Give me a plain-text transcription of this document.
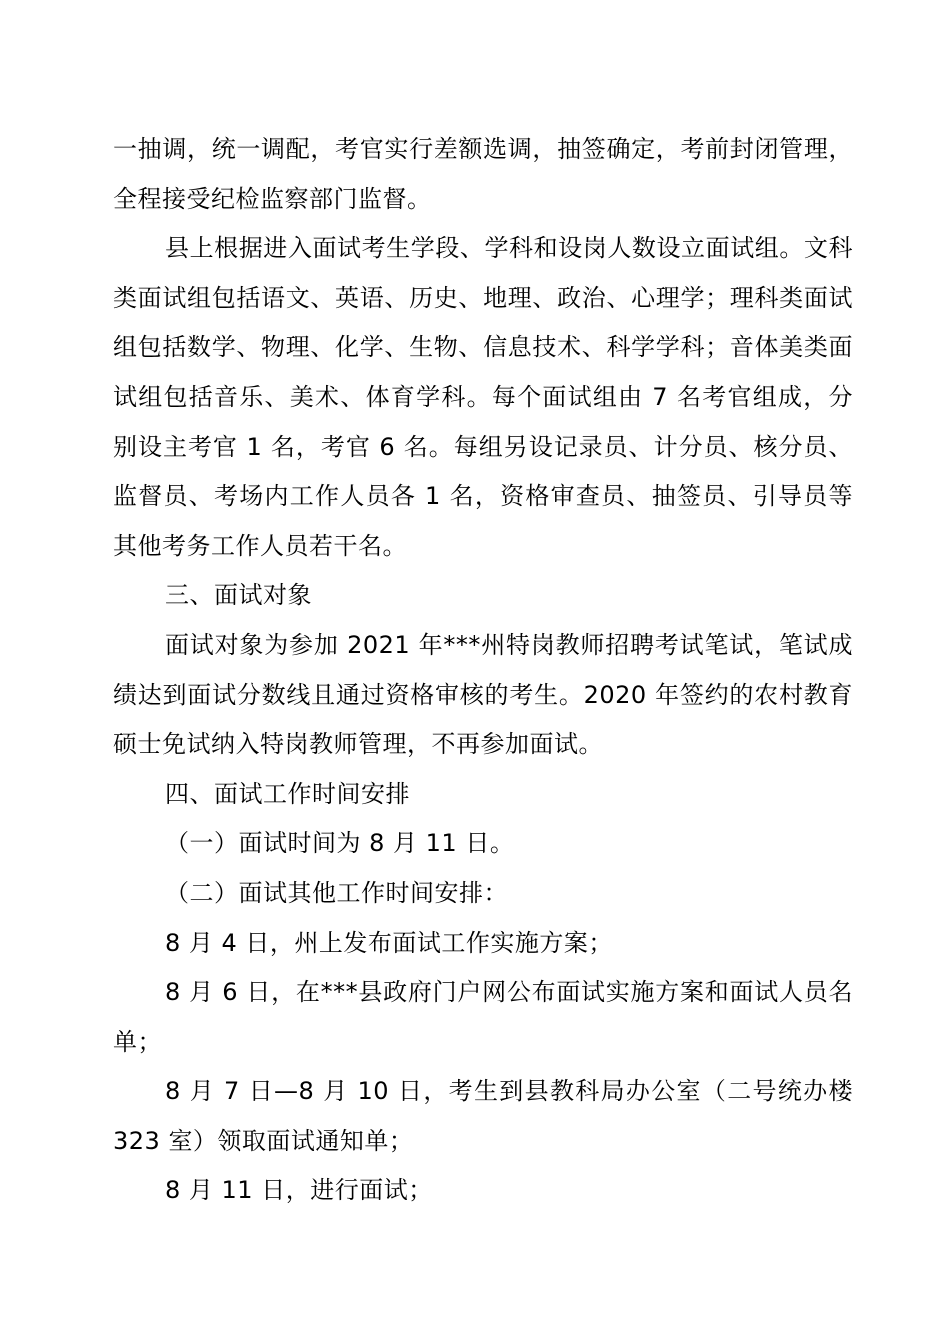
一抽调，统一调配，考官实行差额选调，抽签确定，考前封闭管理，全程接受纪检监察部门监督。

县上根据进入面试考生学段、学科和设岗人数设立面试组。文科类面试组包括语文、英语、历史、地理、政治、心理学；理科类面试组包括数学、物理、化学、生物、信息技术、科学学科；音体美类面试组包括音乐、美术、体育学科。每个面试组由 7 名考官组成，分别设主考官 1 名，考官 6 名。每组另设记录员、计分员、核分员、监督员、考场内工作人员各 1 名，资格审查员、抽签员、引导员等其他考务工作人员若干名。

三、面试对象

面试对象为参加 2021 年***州特岗教师招聘考试笔试，笔试成绩达到面试分数线且通过资格审核的考生。2020 年签约的农村教育硕士免试纳入特岗教师管理，不再参加面试。

四、面试工作时间安排

（一）面试时间为 8 月 11 日。

（二）面试其他工作时间安排：

8 月 4 日，州上发布面试工作实施方案；

8 月 6 日，在***县政府门户网公布面试实施方案和面试人员名单；

8 月 7 日—8 月 10 日，考生到县教科局办公室（二号统办楼 323 室）领取面试通知单；

8 月 11 日，进行面试；
